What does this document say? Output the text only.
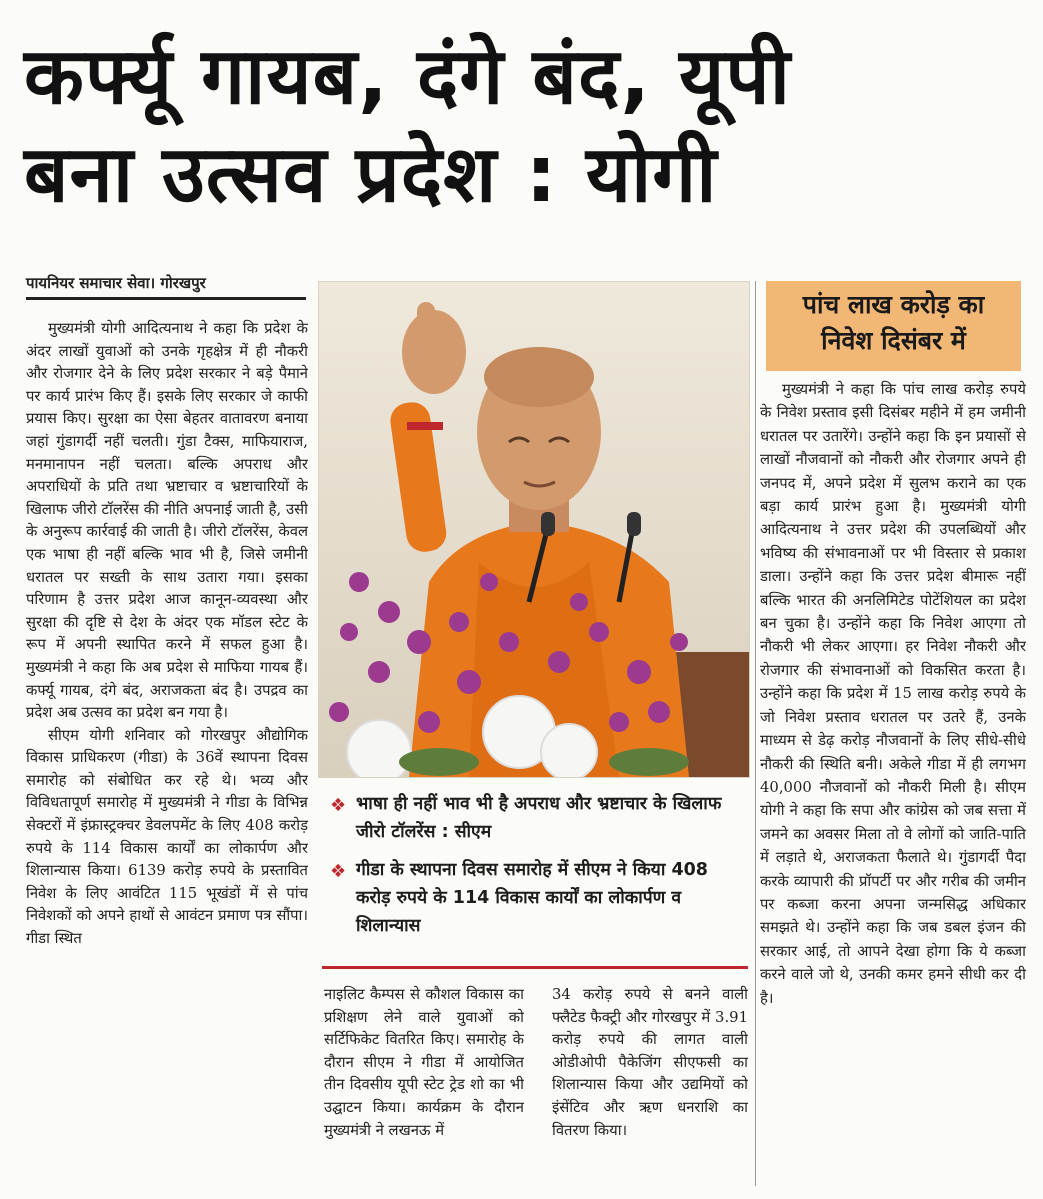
कर्फ्यू गायब, दंगे बंद, यूपी
बना उत्सव प्रदेश : योगी
पायनियर समाचार सेवा। गोरखपुर

मुख्यमंत्री योगी आदित्यनाथ ने कहा कि प्रदेश के अंदर लाखों युवाओं को उनके गृहक्षेत्र में ही नौकरी और रोजगार देने के लिए प्रदेश सरकार ने बड़े पैमाने पर कार्य प्रारंभ किए हैं। इसके लिए सरकार जे काफी प्रयास किए। सुरक्षा का ऐसा बेहतर वातावरण बनाया जहां गुंडागर्दी नहीं चलती। गुंडा टैक्स, माफियाराज, मनमानापन नहीं चलता। बल्कि अपराध और अपराधियों के प्रति तथा भ्रष्टाचार व भ्रष्टाचारियों के खिलाफ जीरो टॉलरेंस की नीति अपनाई जाती है, उसी के अनुरूप कार्रवाई की जाती है। जीरो टॉलरेंस, केवल एक भाषा ही नहीं बल्कि भाव भी है, जिसे जमीनी धरातल पर सख्ती के साथ उतारा गया। इसका परिणाम है उत्तर प्रदेश आज कानून-व्यवस्था और सुरक्षा की दृष्टि से देश के अंदर एक मॉडल स्टेट के रूप में अपनी स्थापित करने में सफल हुआ है। मुख्यमंत्री ने कहा कि अब प्रदेश से माफिया गायब हैं। कर्फ्यू गायब, दंगे बंद, अराजकता बंद है। उपद्रव का प्रदेश अब उत्सव का प्रदेश बन गया है।

सीएम योगी शनिवार को गोरखपुर औद्योगिक विकास प्राधिकरण (गीडा) के 36वें स्थापना दिवस समारोह को संबोधित कर रहे थे। भव्य और विविधतापूर्ण समारोह में मुख्यमंत्री ने गीडा के विभिन्न सेक्टरों में इंफ्रास्ट्रक्चर डेवलपमेंट के लिए 408 करोड़ रुपये के 114 विकास कार्यों का लोकार्पण और शिलान्यास किया। 6139 करोड़ रुपये के प्रस्तावित निवेश के लिए आवंटित 115 भूखंडों में से पांच निवेशकों को अपने हाथों से आवंटन प्रमाण पत्र सौंपा। गीडा स्थित

❖ भाषा ही नहीं भाव भी है अपराध और भ्रष्टाचार के खिलाफ जीरो टॉलरेंस : सीएम
❖ गीडा के स्थापना दिवस समारोह में सीएम ने किया 408 करोड़ रुपये के 114 विकास कार्यों का लोकार्पण व शिलान्यास

नाइलिट कैम्पस से कौशल विकास का प्रशिक्षण लेने वाले युवाओं को सर्टिफिकेट वितरित किए। समारोह के दौरान सीएम ने गीडा में आयोजित तीन दिवसीय यूपी स्टेट ट्रेड शो का भी उद्घाटन किया। कार्यक्रम के दौरान मुख्यमंत्री ने लखनऊ में

34 करोड़ रुपये से बनने वाली फ्लैटेड फैक्ट्री और गोरखपुर में 3.91 करोड़ रुपये की लागत वाली ओडीओपी पैकेजिंग सीएफसी का शिलान्यास किया और उद्यमियों को इंसेंटिव और ऋण धनराशि का वितरण किया।

पांच लाख करोड़ का
निवेश दिसंबर में

मुख्यमंत्री ने कहा कि पांच लाख करोड़ रुपये के निवेश प्रस्ताव इसी दिसंबर महीने में हम जमीनी धरातल पर उतारेंगे। उन्होंने कहा कि इन प्रयासों से लाखों नौजवानों को नौकरी और रोजगार अपने ही जनपद में, अपने प्रदेश में सुलभ कराने का एक बड़ा कार्य प्रारंभ हुआ है। मुख्यमंत्री योगी आदित्यनाथ ने उत्तर प्रदेश की उपलब्धियों और भविष्य की संभावनाओं पर भी विस्तार से प्रकाश डाला। उन्होंने कहा कि उत्तर प्रदेश बीमारू नहीं बल्कि भारत की अनलिमिटेड पोटेंशियल का प्रदेश बन चुका है। उन्होंने कहा कि निवेश आएगा तो नौकरी भी लेकर आएगा। हर निवेश नौकरी और रोजगार की संभावनाओं को विकसित करता है। उन्होंने कहा कि प्रदेश में 15 लाख करोड़ रुपये के जो निवेश प्रस्ताव धरातल पर उतरे हैं, उनके माध्यम से डेढ़ करोड़ नौजवानों के लिए सीधे-सीधे नौकरी की स्थिति बनी। अकेले गीडा में ही लगभग 40,000 नौजवानों को नौकरी मिली है। सीएम योगी ने कहा कि सपा और कांग्रेस को जब सत्ता में जमने का अवसर मिला तो वे लोगों को जाति-पाति में लड़ाते थे, अराजकता फैलाते थे। गुंडागर्दी पैदा करके व्यापारी की प्रॉपर्टी पर और गरीब की जमीन पर कब्जा करना अपना जन्मसिद्ध अधिकार समझते थे। उन्होंने कहा कि जब डबल इंजन की सरकार आई, तो आपने देखा होगा कि ये कब्जा करने वाले जो थे, उनकी कमर हमने सीधी कर दी है।
